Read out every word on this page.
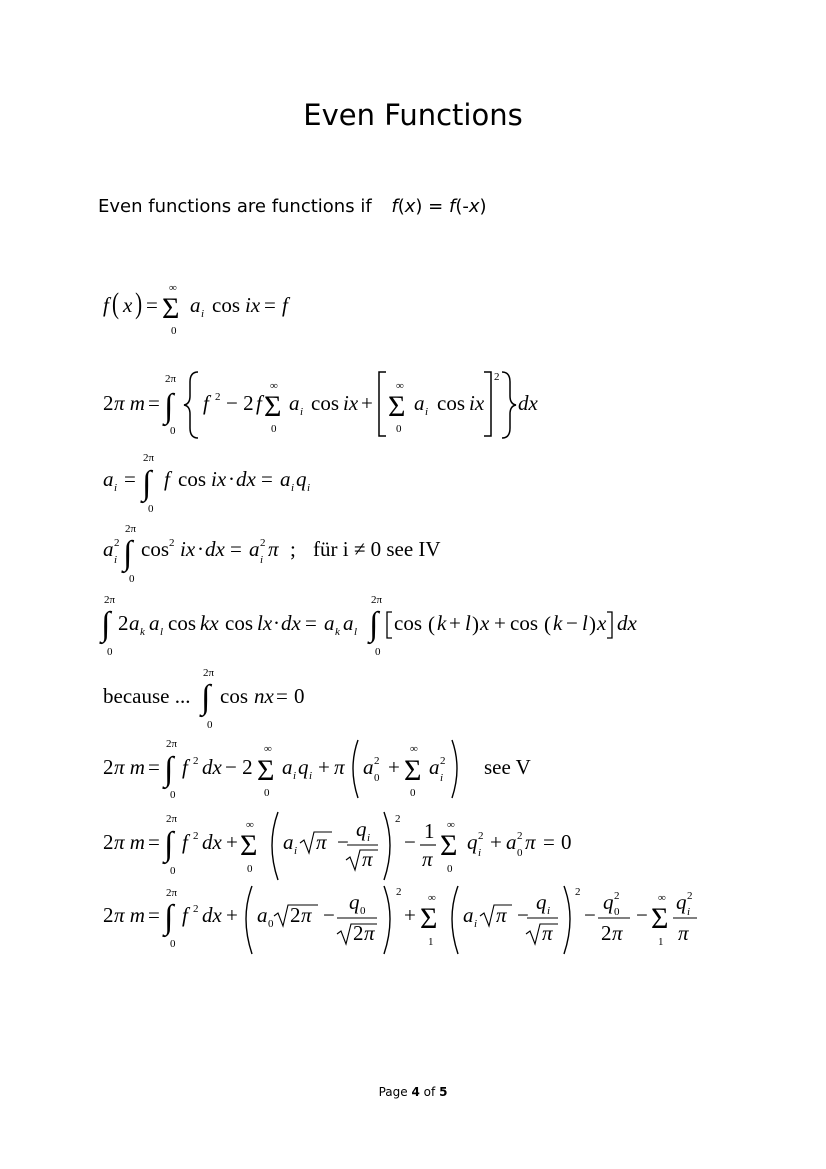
Even Functions
Even functions are functions if f(x) = f(-x)
f ( x ) =
∞
Σ
0
a i cos ix = f
2 π m =
2π
∫
0
f 2 − 2 f
∞
Σ
0
a i cos ix +
∞
Σ
0
a i cos ix
2
dx
a i =
2π
∫
0
f cos ix · dx = a i q i
a 2
i
2π
∫
0
cos 2 ix · dx = a 2
i π ; für i ≠ 0 see IV
2π
∫
0
2 a k a l cos kx cos lx · dx = a k a l
2π
∫
0
cos ( k + l ) x + cos ( k − l ) x dx
because ...
2π
∫
0
cos nx = 0
2 π m =
2π
∫
0
f 2 dx − 2
∞
Σ
0
a i q i + π a 2
0 +
∞
Σ
0
a 2
i see V
2 π m =
2π
∫
0
f 2 dx +
∞
Σ
0
a i π −
q i
π
2
− 1
π
∞
Σ
0
q 2
i + a 2
0 π = 0
2 π m =
2π
∫
0
f 2 dx + a 0 2 π −
q 0
2 π
2
+
∞
Σ
1
a i π −
q i
π
2
−
q 2
0
2 π
−
∞
Σ
1
q 2
i
π
Page 4 of 5
